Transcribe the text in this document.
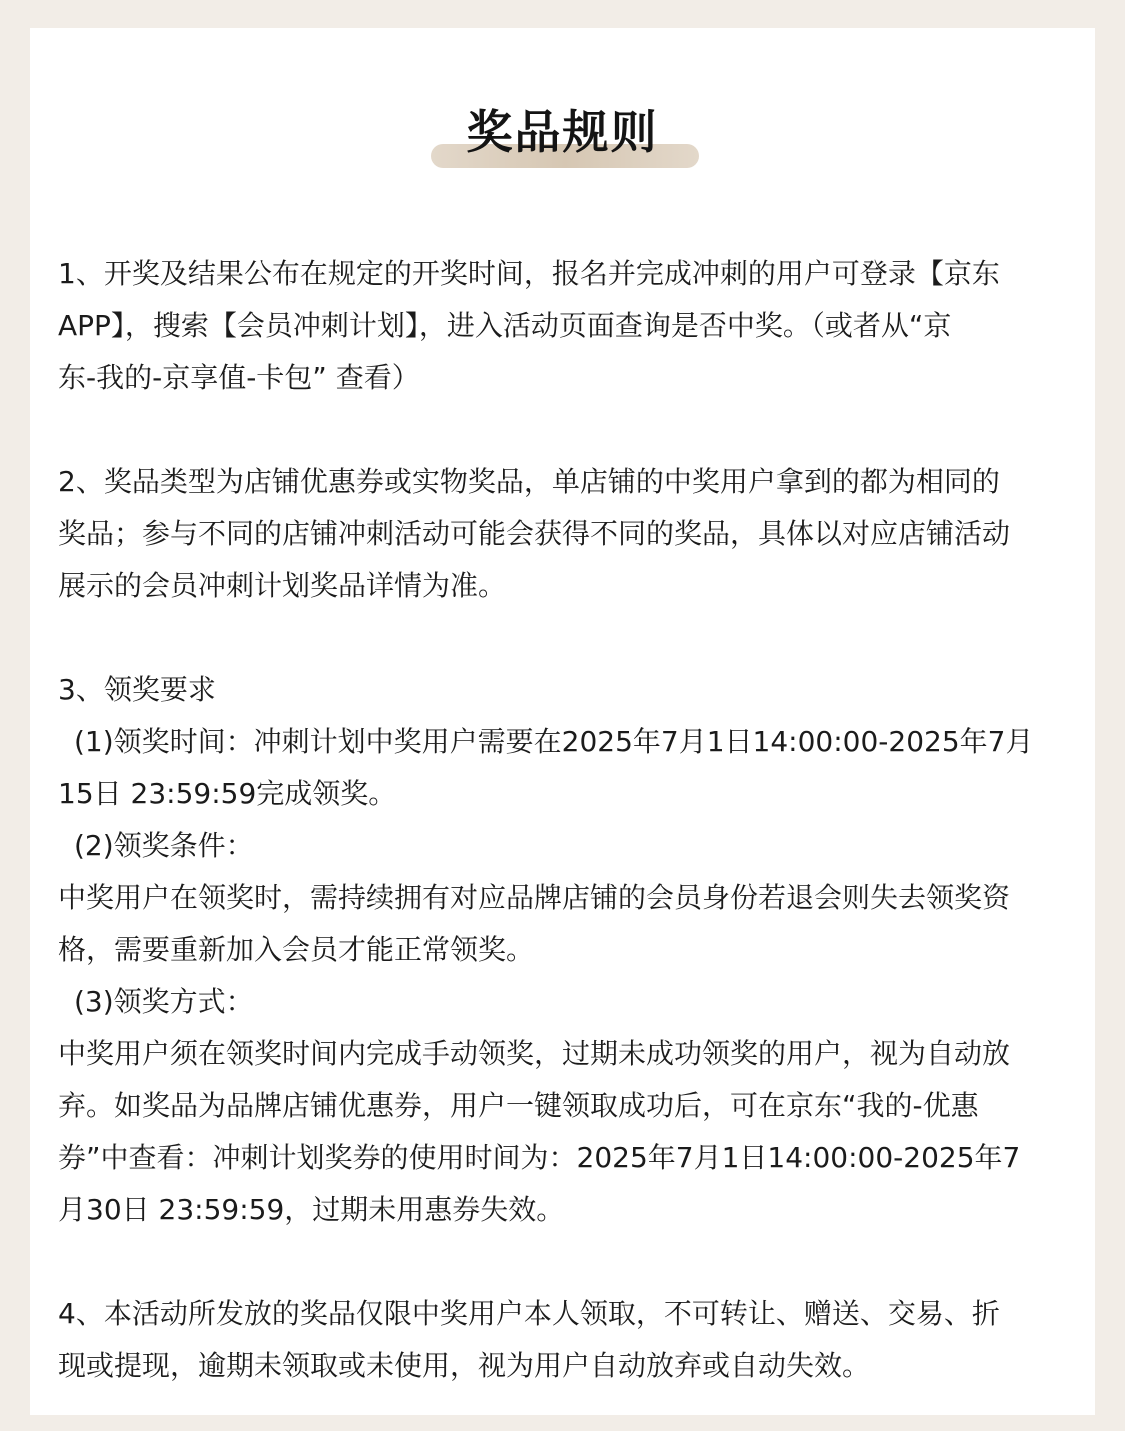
奖品规则
1、开奖及结果公布在规定的开奖时间，报名并完成冲刺的用户可登录【京东
APP】，搜索【会员冲刺计划】，进入活动页面查询是否中奖。（或者从“京
东-我的-京享值-卡包” 查看）
2、奖品类型为店铺优惠券或实物奖品，单店铺的中奖用户拿到的都为相同的
奖品；参与不同的店铺冲刺活动可能会获得不同的奖品，具体以对应店铺活动
展示的会员冲刺计划奖品详情为准。
3、领奖要求
(1)领奖时间：冲刺计划中奖用户需要在2025年7月1日14:00:00-2025年7月
15日 23:59:59完成领奖。
(2)领奖条件：
中奖用户在领奖时，需持续拥有对应品牌店铺的会员身份若退会则失去领奖资
格，需要重新加入会员才能正常领奖。
(3)领奖方式：
中奖用户须在领奖时间内完成手动领奖，过期未成功领奖的用户，视为自动放
弃。如奖品为品牌店铺优惠券，用户一键领取成功后，可在京东“我的-优惠
券”中查看：冲刺计划奖券的使用时间为：2025年7月1日14:00:00-2025年7
月30日 23:59:59，过期未用惠券失效。
4、本活动所发放的奖品仅限中奖用户本人领取，不可转让、赠送、交易、折
现或提现，逾期未领取或未使用，视为用户自动放弃或自动失效。
